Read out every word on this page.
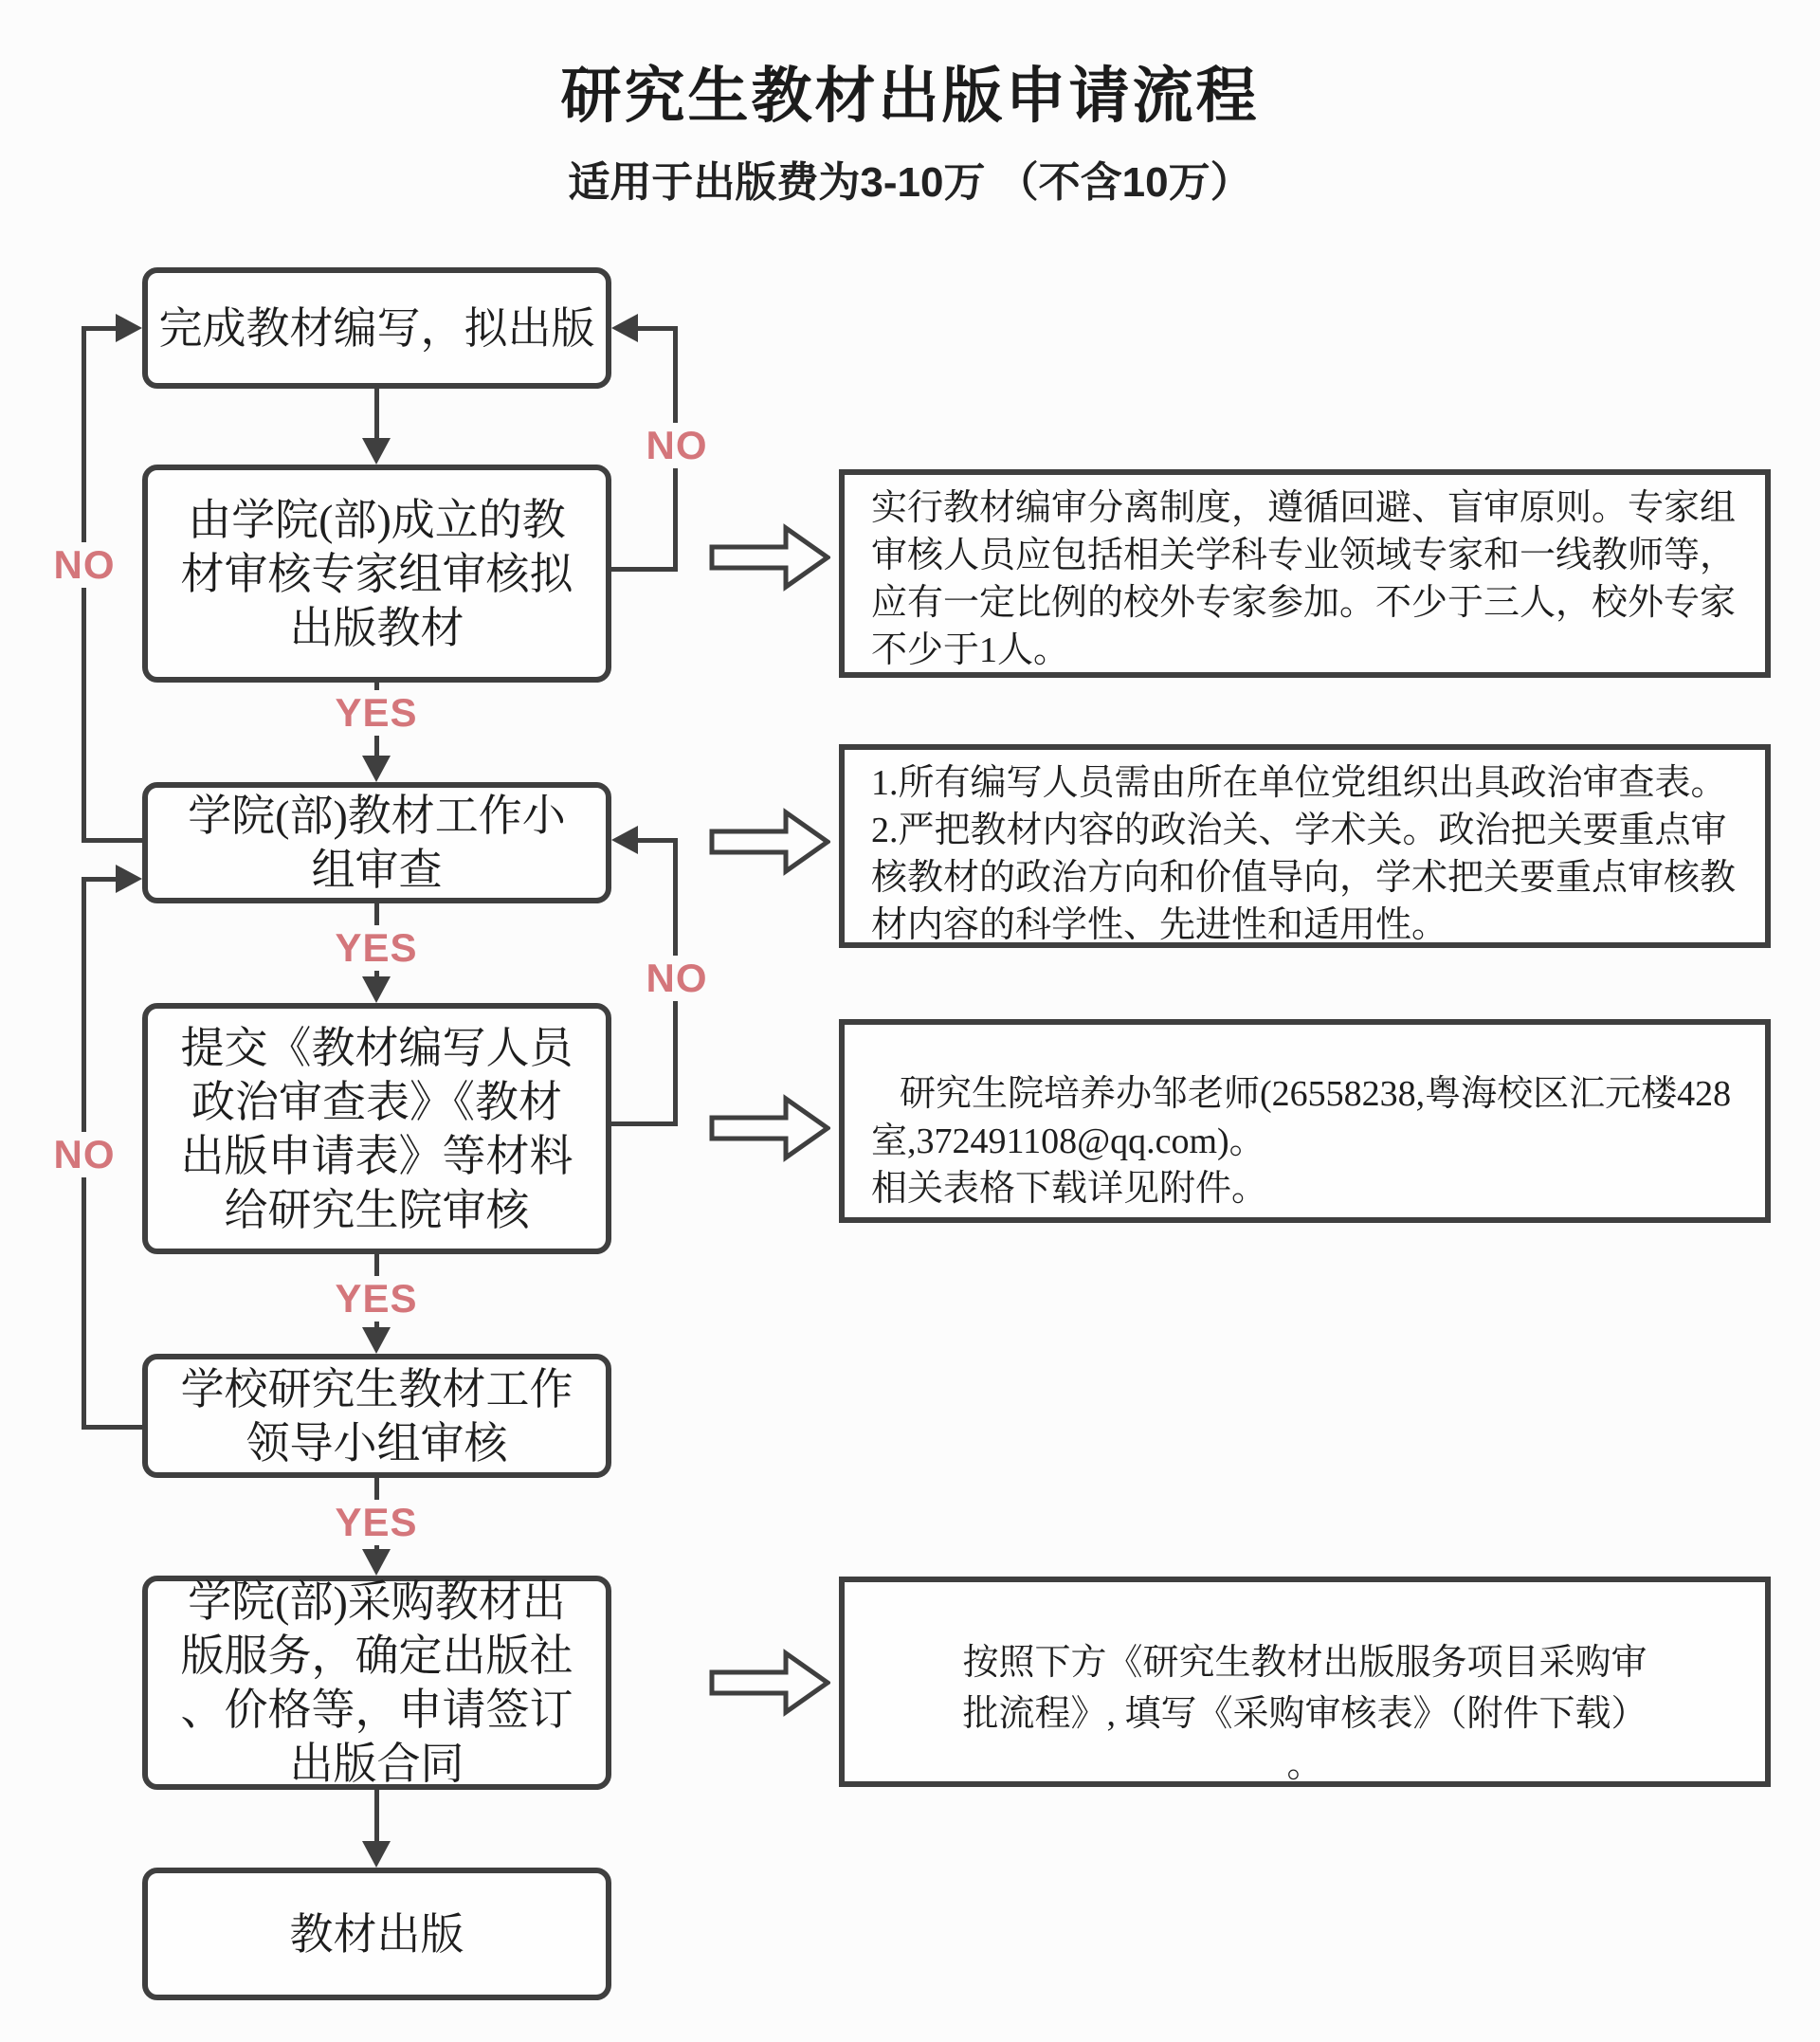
研究生教材出版申请流程
适用于出版费为3-10万 （不含10万）
完成教材编写，拟出版
由学院(部)成立的教
材审核专家组审核拟
出版教材
学院(部)教材工作小
组审查
提交《教材编写人员
政治审查表》《教材
出版申请表》等材料
给研究生院审核
学校研究生教材工作
领导小组审核
学院(部)采购教材出
版服务，确定出版社
、价格等，申请签订
出版合同
教材出版
实行教材编审分离制度，遵循回避、盲审原则。专家组
审核人员应包括相关学科专业领域专家和一线教师等，
应有一定比例的校外专家参加。不少于三人，校外专家
不少于1人。
1.所有编写人员需由所在单位党组织出具政治审查表。
2.严把教材内容的政治关、学术关。政治把关要重点审
核教材的政治方向和价值导向，学术把关要重点审核教
材内容的科学性、先进性和适用性。
研究生院培养办邹老师(26558238,粤海校区汇元楼428
室,372491108@qq.com)。
相关表格下载详见附件。
按照下方《研究生教材出版服务项目采购审
批流程》, 填写《采购审核表》（附件下载）
。
YES
YES
YES
YES
NO
NO
NO
NO
